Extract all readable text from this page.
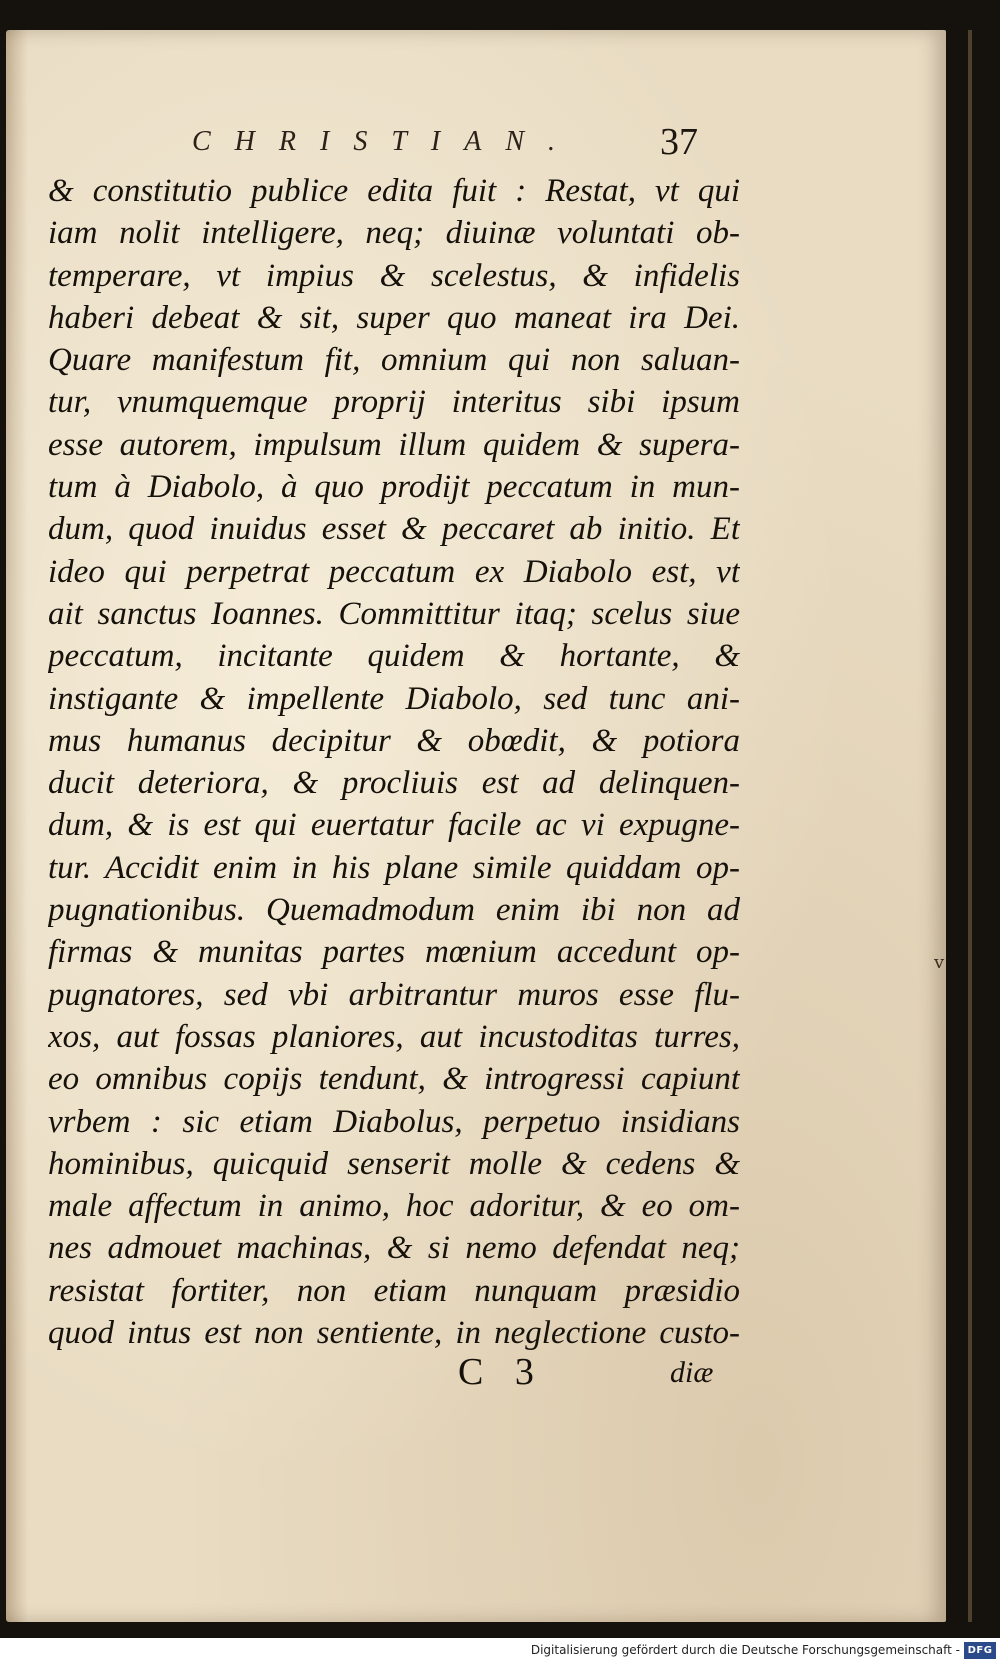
CHRISTIAN. 37
& constitutio publice edita fuit : Restat, vt qui
iam nolit intelligere, neq; diuinæ voluntati ob-
temperare, vt impius & scelestus, & infidelis
haberi debeat & sit, super quo maneat ira Dei.
Quare manifestum fit, omnium qui non saluan-
tur, vnumquemque proprij interitus sibi ipsum
esse autorem, impulsum illum quidem & supera-
tum à Diabolo, à quo prodijt peccatum in mun-
dum, quod inuidus esset & peccaret ab initio. Et
ideo qui perpetrat peccatum ex Diabolo est, vt
ait sanctus Ioannes. Committitur itaq; scelus siue
peccatum, incitante quidem & hortante, &
instigante & impellente Diabolo, sed tunc ani-
mus humanus decipitur & obœdit, & potiora
ducit deteriora, & procliuis est ad delinquen-
dum, & is est qui euertatur facile ac vi expugne-
tur. Accidit enim in his plane simile quiddam op-
pugnationibus. Quemadmodum enim ibi non ad
firmas & munitas partes mœnium accedunt op-
pugnatores, sed vbi arbitrantur muros esse flu-
xos, aut fossas planiores, aut incustoditas turres,
eo omnibus copijs tendunt, & introgressi capiunt
vrbem : sic etiam Diabolus, perpetuo insidians
hominibus, quicquid senserit molle & cedens &
male affectum in animo, hoc adoritur, & eo om-
nes admouet machinas, & si nemo defendat neq;
resistat fortiter, non etiam nunquam præsidio
quod intus est non sentiente, in neglectione custo-
C 3	diæ
v
Digitalisierung gefördert durch die Deutsche Forschungsgemeinschaft - DFG
